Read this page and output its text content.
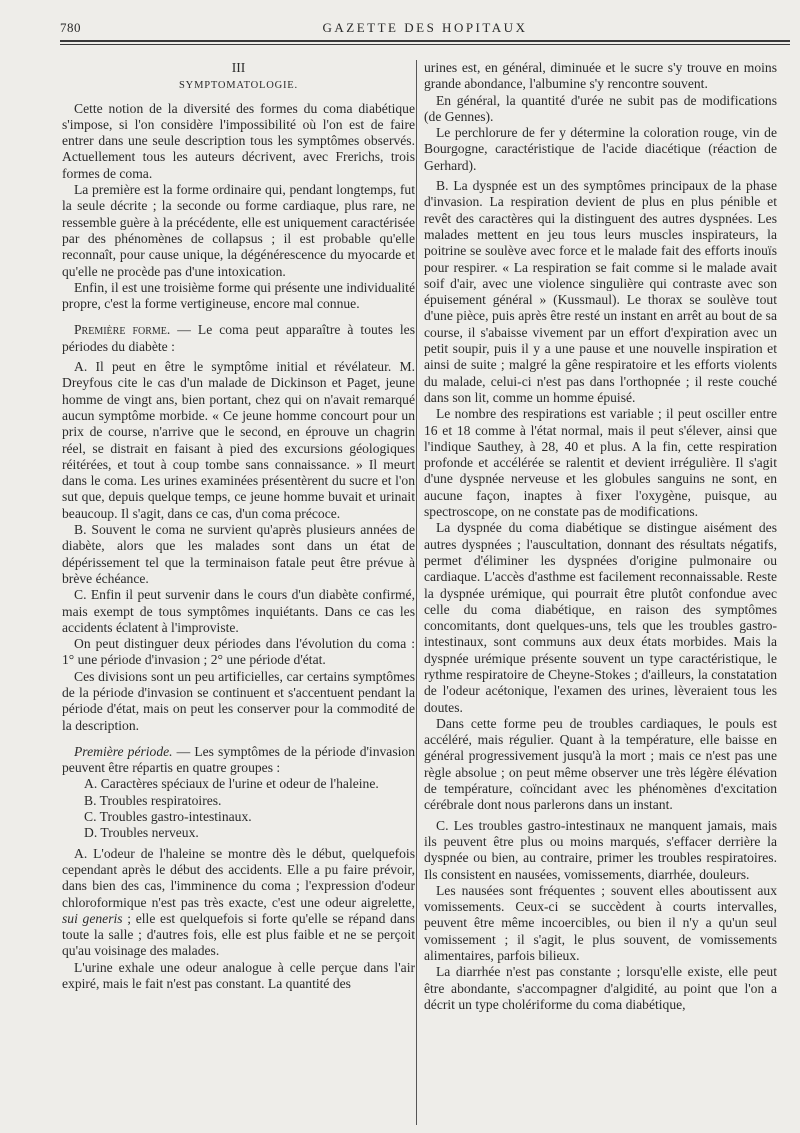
780	GAZETTE DES HOPITAUX
III
SYMPTOMATOLOGIE.

Cette notion de la diversité des formes du coma diabétique s'impose, si l'on considère l'impossibilité où l'on est de faire entrer dans une seule description tous les symptômes observés. Actuellement tous les auteurs décrivent, avec Frerichs, trois formes de coma.

La première est la forme ordinaire qui, pendant longtemps, fut la seule décrite ; la seconde ou forme cardiaque, plus rare, ne ressemble guère à la précédente, elle est uniquement caractérisée par des phénomènes de collapsus ; il est probable qu'elle reconnaît, pour cause unique, la dégénérescence du myocarde et qu'elle ne procède pas d'une intoxication.

Enfin, il est une troisième forme qui présente une individualité propre, c'est la forme vertigineuse, encore mal connue.

Première forme. — Le coma peut apparaître à toutes les périodes du diabète :

A. Il peut en être le symptôme initial et révélateur. M. Dreyfous cite le cas d'un malade de Dickinson et Paget, jeune homme de vingt ans, bien portant, chez qui on n'avait remarqué aucun symptôme morbide. « Ce jeune homme concourt pour un prix de course, n'arrive que le second, en éprouve un chagrin réel, se distrait en faisant à pied des excursions géologiques réitérées, et tout à coup tombe sans connaissance. » Il meurt dans le coma. Les urines examinées présentèrent du sucre et l'on sut que, depuis quelque temps, ce jeune homme buvait et urinait beaucoup. Il s'agit, dans ce cas, d'un coma précoce.

B. Souvent le coma ne survient qu'après plusieurs années de diabète, alors que les malades sont dans un état de dépérissement tel que la terminaison fatale peut être prévue à brève échéance.

C. Enfin il peut survenir dans le cours d'un diabète confirmé, mais exempt de tous symptômes inquiétants. Dans ce cas les accidents éclatent à l'improviste.

On peut distinguer deux périodes dans l'évolution du coma : 1° une période d'invasion ; 2° une période d'état.

Ces divisions sont un peu artificielles, car certains symptômes de la période d'invasion se continuent et s'accentuent pendant la période d'état, mais on peut les conserver pour la commodité de la description.

Première période. — Les symptômes de la période d'invasion peuvent être répartis en quatre groupes :

A. Caractères spéciaux de l'urine et odeur de l'haleine.
B. Troubles respiratoires.
C. Troubles gastro-intestinaux.
D. Troubles nerveux.

A. L'odeur de l'haleine se montre dès le début, quelquefois cependant après le début des accidents. Elle a pu faire prévoir, dans bien des cas, l'imminence du coma ; l'expression d'odeur chloroformique n'est pas très exacte, c'est une odeur aigrelette, sui generis ; elle est quelquefois si forte qu'elle se répand dans toute la salle ; d'autres fois, elle est plus faible et ne se perçoit qu'au voisinage des malades.

L'urine exhale une odeur analogue à celle perçue dans l'air expiré, mais le fait n'est pas constant. La quantité des

urines est, en général, diminuée et le sucre s'y trouve en moins grande abondance, l'albumine s'y rencontre souvent.

En général, la quantité d'urée ne subit pas de modifications (de Gennes).

Le perchlorure de fer y détermine la coloration rouge, vin de Bourgogne, caractéristique de l'acide diacétique (réaction de Gerhard).

B. La dyspnée est un des symptômes principaux de la phase d'invasion. La respiration devient de plus en plus pénible et revêt des caractères qui la distinguent des autres dyspnées. Les malades mettent en jeu tous leurs muscles inspirateurs, la poitrine se soulève avec force et le malade fait des efforts inouïs pour respirer. « La respiration se fait comme si le malade avait soif d'air, avec une violence singulière qui contraste avec son épuisement général » (Kussmaul). Le thorax se soulève tout d'une pièce, puis après être resté un instant en arrêt au bout de sa course, il s'abaisse vivement par un effort d'expiration avec un petit soupir, puis il y a une pause et une nouvelle inspiration et ainsi de suite ; malgré la gêne respiratoire et les efforts violents du malade, celui-ci n'est pas dans l'orthopnée ; il reste couché dans son lit, comme un homme épuisé.

Le nombre des respirations est variable ; il peut osciller entre 16 et 18 comme à l'état normal, mais il peut s'élever, ainsi que l'indique Sauthey, à 28, 40 et plus. A la fin, cette respiration profonde et accélérée se ralentit et devient irrégulière. Il s'agit d'une dyspnée nerveuse et les globules sanguins ne sont, en aucune façon, inaptes à fixer l'oxygène, puisque, au spectroscope, on ne constate pas de modifications.

La dyspnée du coma diabétique se distingue aisément des autres dyspnées ; l'auscultation, donnant des résultats négatifs, permet d'éliminer les dyspnées d'origine pulmonaire ou cardiaque. L'accès d'asthme est facilement reconnaissable. Reste la dyspnée urémique, qui pourrait être plutôt confondue avec celle du coma diabétique, en raison des symptômes concomitants, dont quelques-uns, tels que les troubles gastro-intestinaux, sont communs aux deux états morbides. Mais la dyspnée urémique présente souvent un type caractéristique, le rythme respiratoire de Cheyne-Stokes ; d'ailleurs, la constatation de l'odeur acétonique, l'examen des urines, lèveraient tous les doutes.

Dans cette forme peu de troubles cardiaques, le pouls est accéléré, mais régulier. Quant à la température, elle baisse en général progressivement jusqu'à la mort ; mais ce n'est pas une règle absolue ; on peut même observer une très légère élévation de température, coïncidant avec les phénomènes d'excitation cérébrale dont nous parlerons dans un instant.

C. Les troubles gastro-intestinaux ne manquent jamais, mais ils peuvent être plus ou moins marqués, s'effacer derrière la dyspnée ou bien, au contraire, primer les troubles respiratoires. Ils consistent en nausées, vomissements, diarrhée, douleurs.

Les nausées sont fréquentes ; souvent elles aboutissent aux vomissements. Ceux-ci se succèdent à courts intervalles, peuvent être même incoercibles, ou bien il n'y a qu'un seul vomissement ; il s'agit, le plus souvent, de vomissements alimentaires, parfois bilieux.

La diarrhée n'est pas constante ; lorsqu'elle existe, elle peut être abondante, s'accompagner d'algidité, au point que l'on a décrit un type cholériforme du coma diabétique,
